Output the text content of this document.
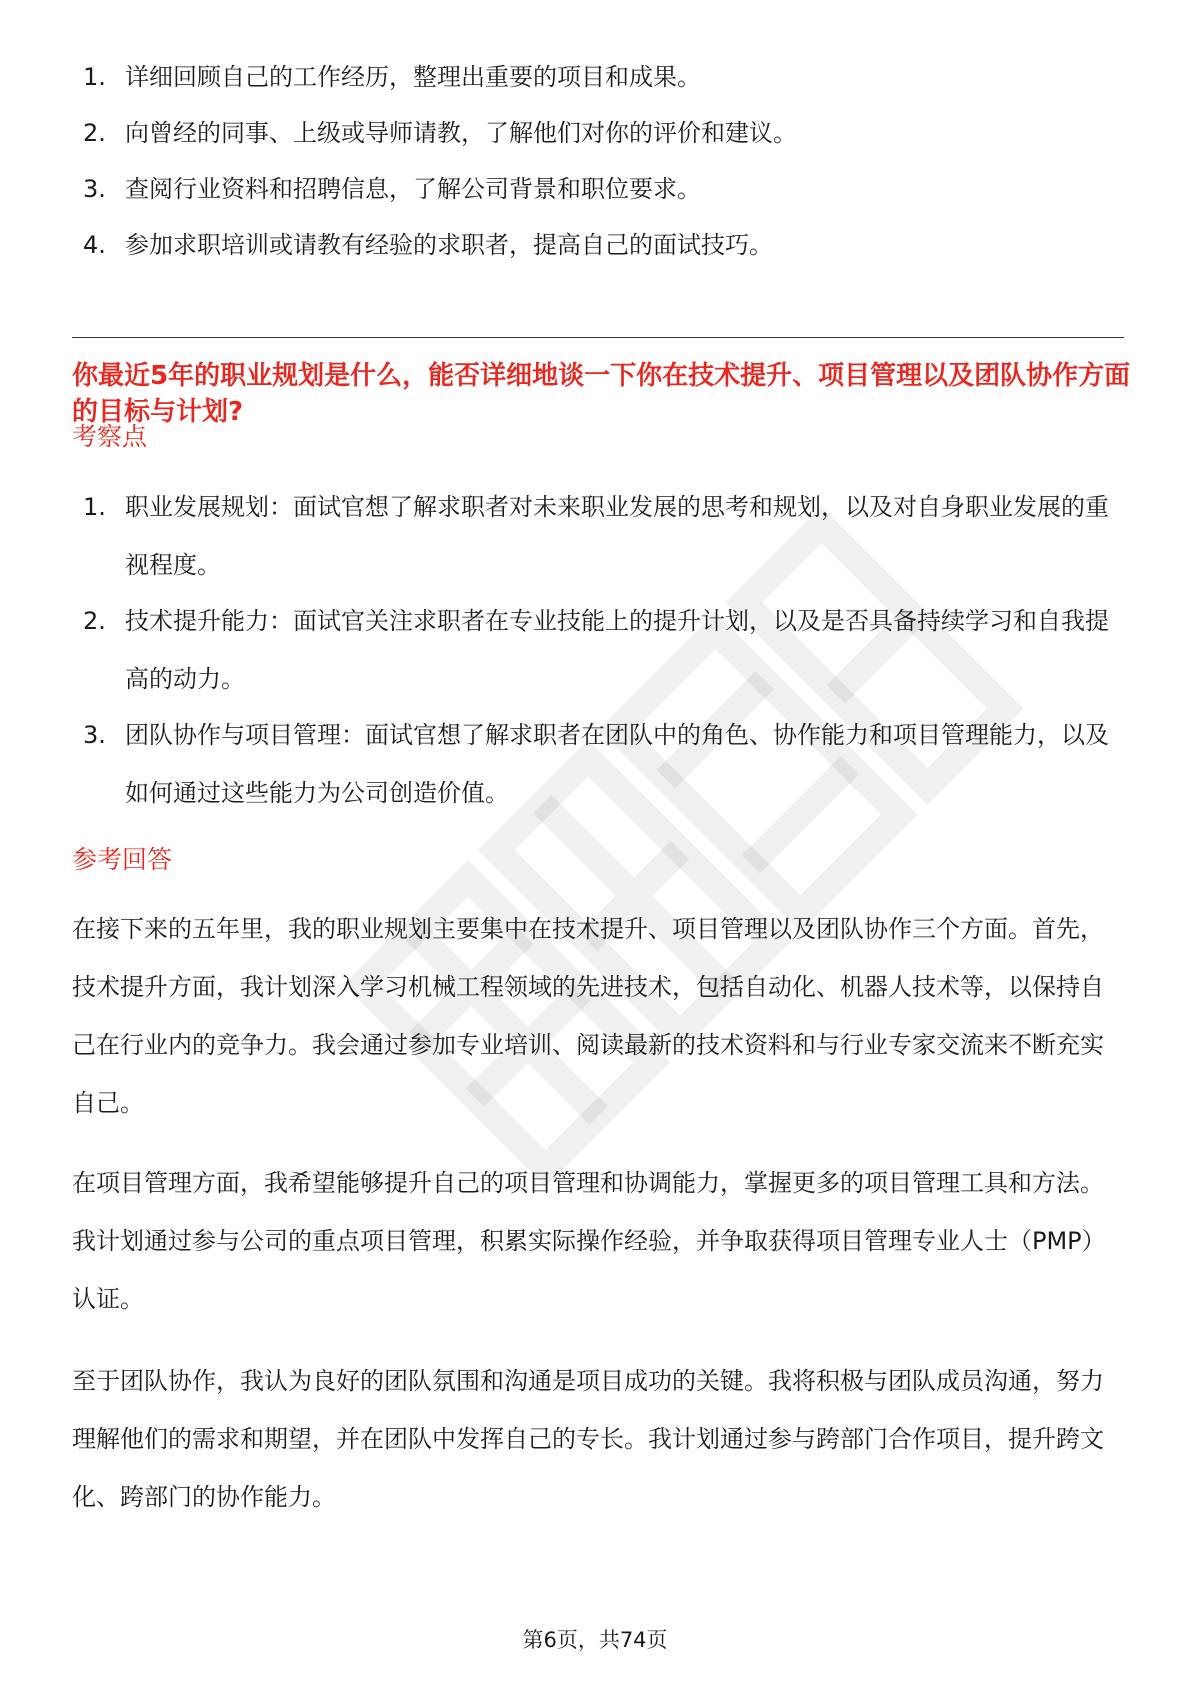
1. 详细回顾自己的工作经历，整理出重要的项目和成果。
2. 向曾经的同事、上级或导师请教，了解他们对你的评价和建议。
3. 查阅行业资料和招聘信息，了解公司背景和职位要求。
4. 参加求职培训或请教有经验的求职者，提高自己的面试技巧。
你最近5年的职业规划是什么，能否详细地谈一下你在技术提升、项目管理以及团队协作方面的目标与计划?
考察点
1. 职业发展规划：面试官想了解求职者对未来职业发展的思考和规划，以及对自身职业发展的重视程度。
2. 技术提升能力：面试官关注求职者在专业技能上的提升计划，以及是否具备持续学习和自我提高的动力。
3. 团队协作与项目管理：面试官想了解求职者在团队中的角色、协作能力和项目管理能力，以及如何通过这些能力为公司创造价值。
参考回答

在接下来的五年里，我的职业规划主要集中在技术提升、项目管理以及团队协作三个方面。首先，技术提升方面，我计划深入学习机械工程领域的先进技术，包括自动化、机器人技术等，以保持自己在行业内的竞争力。我会通过参加专业培训、阅读最新的技术资料和与行业专家交流来不断充实自己。

在项目管理方面，我希望能够提升自己的项目管理和协调能力，掌握更多的项目管理工具和方法。我计划通过参与公司的重点项目管理，积累实际操作经验，并争取获得项目管理专业人士（PMP）认证。

至于团队协作，我认为良好的团队氛围和沟通是项目成功的关键。我将积极与团队成员沟通，努力理解他们的需求和期望，并在团队中发挥自己的专长。我计划通过参与跨部门合作项目，提升跨文化、跨部门的协作能力。

第6页，共74页
